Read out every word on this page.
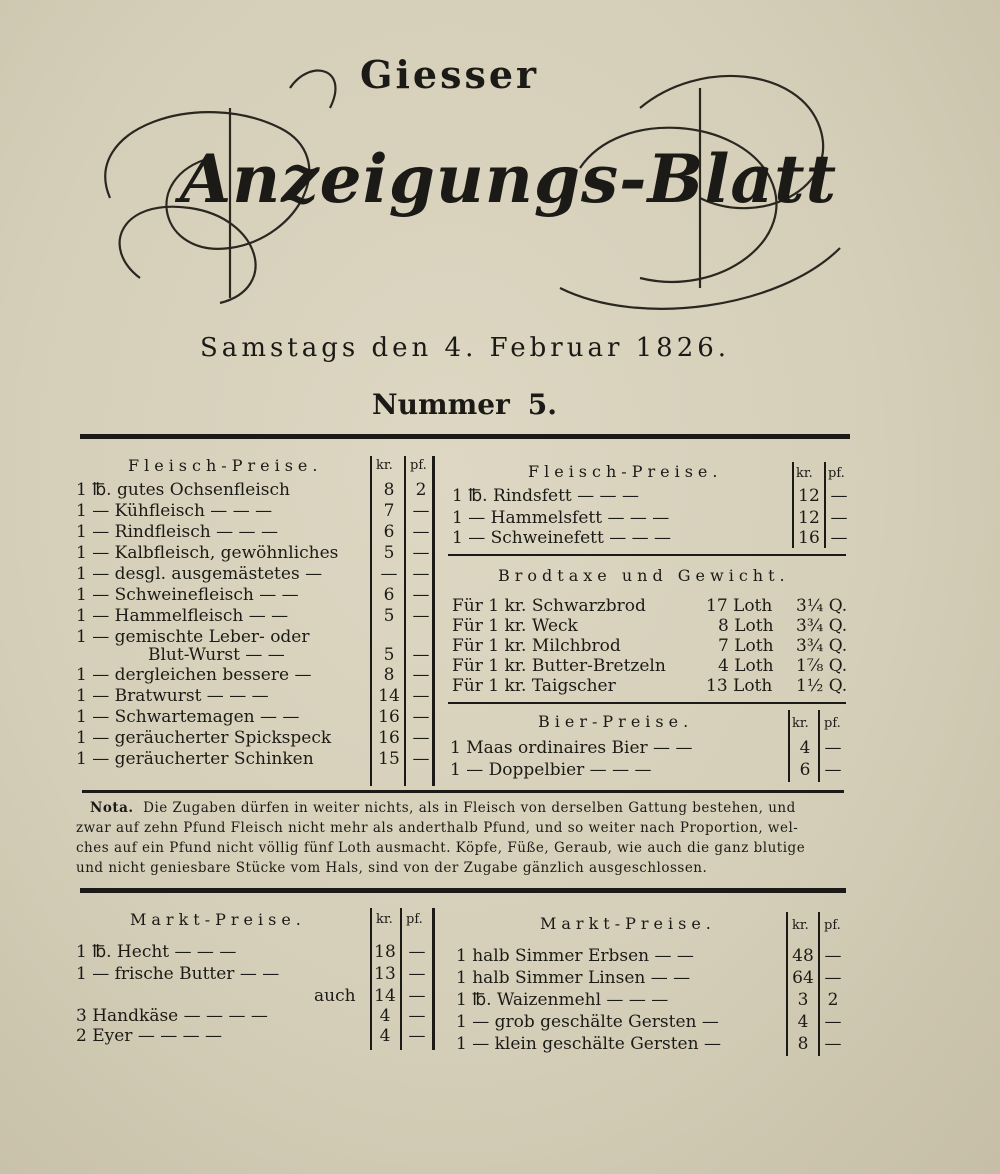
Giesser
Anzeigungs-Blatt
Samstags den 4. Februar 1826.
Nummer 5.
Fleisch-Preise.	kr. pf.
1 ℔. gutes Ochsenfleisch	8	2
1 — Kühfleisch — — —	7	—
1 — Rindfleisch — — —	6	—
1 — Kalbfleisch, gewöhnliches	5	—
1 — desgl. ausgemästetes —	— —
1 — Schweinefleisch — —	6	—
1 — Hammelfleisch — —	5	—
1 — gemischte Leber- oder
Blut-Wurst — —	5	—
1 — dergleichen bessere —	8	—
1 — Bratwurst — — —	14 —
1 — Schwartemagen — —	16 —
1 — geräucherter Spickspeck	16 —
1 — geräucherter Schinken	15 —
Fleisch-Preise.	kr. pf.
1 ℔. Rindsfett — — —	12 —
1 — Hammelsfett — — —	12 —
1 — Schweinefett — — —	16 —
Brodtaxe und Gewicht.
Für 1 kr. Schwarzbrod	17 Loth 3¼ Q.
Für 1 kr. Weck	8 Loth 3¾ Q.
Für 1 kr. Milchbrod	7 Loth 3¾ Q.
Für 1 kr. Butter-Bretzeln	4 Loth 1⅞ Q.
Für 1 kr. Taigscher	13 Loth 1½ Q.
Bier-Preise.	kr. pf.
1 Maas ordinaires Bier — —	4 —
1 — Doppelbier — — —	6 —
Nota. Die Zugaben dürfen in weiter nichts, als in Fleisch von derselben Gattung bestehen, und
zwar auf zehn Pfund Fleisch nicht mehr als anderthalb Pfund, und so weiter nach Proportion, wel-
ches auf ein Pfund nicht völlig fünf Loth ausmacht. Köpfe, Füße, Geraub, wie auch die ganz blutige
und nicht geniesbare Stücke vom Hals, sind von der Zugabe gänzlich ausgeschlossen.
Markt-Preise.	kr. pf.
1 ℔. Hecht — — —	18 —
1 — frische Butter — —	13 —
auch 14 —
3 Handkäse — — — —	4	—
2 Eyer — — — —	4	—
Markt-Preise.	kr. pf.
1 halb Simmer Erbsen — —	48 —
1 halb Simmer Linsen — —	64 —
1 ℔. Waizenmehl — — —	3	2
1 — grob geschälte Gersten —	4 —
1 — klein geschälte Gersten —	8 —
